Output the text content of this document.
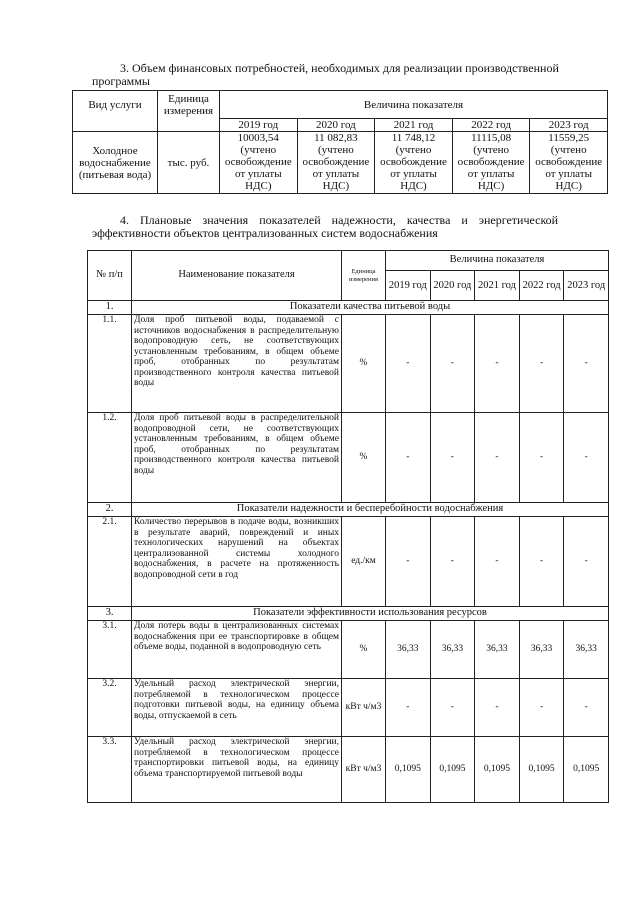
3. Объем финансовых потребностей, необходимых для реализации производственной
программы
Вид услуги	Единица измерения	Величина показателя				
		2019 год	2020 год	2021 год	2022 год	2023 год
Холодное водоснабжение (питьевая вода)	тыс. руб.	10003,54 (учтено освобождение от уплаты НДС)	11 082,83 (учтено освобождение от уплаты НДС)	11 748,12 (учтено освобождение от уплаты НДС)	11115,08 (учтено освобождение от уплаты НДС)	11559,25 (учтено освобождение от уплаты НДС)
4. Плановые значения показателей надежности, качества и энергетической
эффективности объектов централизованных систем водоснабжения
№ п/п	Наименование показателя	Единица измерения	Величина показателя				
			2019 год	2020 год	2021 год	2022 год	2023 год
1.	Показатели качества питьевой воды						
1.1.	Доля проб питьевой воды, подаваемой с источников водоснабжения в распределительную водопроводную сеть, не соответствующих установленным требованиям, в общем объеме проб, отобранных по результатам производственного контроля качества питьевой воды	%	-	-	-	-	-
1.2.	Доля проб питьевой воды в распределительной водопроводной сети, не соответствующих установленным требованиям, в общем объеме проб, отобранных по результатам производственного контроля качества питьевой воды	%	-	-	-	-	-
2.	Показатели надежности и бесперебойности водоснабжения						
2.1.	Количество перерывов в подаче воды, возникших в результате аварий, повреждений и иных технологических нарушений на объектах централизованной системы холодного водоснабжения, в расчете на протяженность водопроводной сети в год	ед./км	-	-	-	-	-
3.	Показатели эффективности использования ресурсов						
3.1.	Доля потерь воды в централизованных системах водоснабжения при ее транспортировке в общем объеме воды, поданной в водопроводную сеть	%	36,33	36,33	36,33	36,33	36,33
3.2.	Удельный расход электрической энергии, потребляемой в технологическом процессе подготовки питьевой воды, на единицу объема воды, отпускаемой в сеть	кВт ч/м3	-	-	-	-	-
3.3.	Удельный расход электрической энергии, потребляемой в технологическом процессе транспортировки питьевой воды, на единицу объема транспортируемой питьевой воды	кВт ч/м3	0,1095	0,1095	0,1095	0,1095	0,1095
